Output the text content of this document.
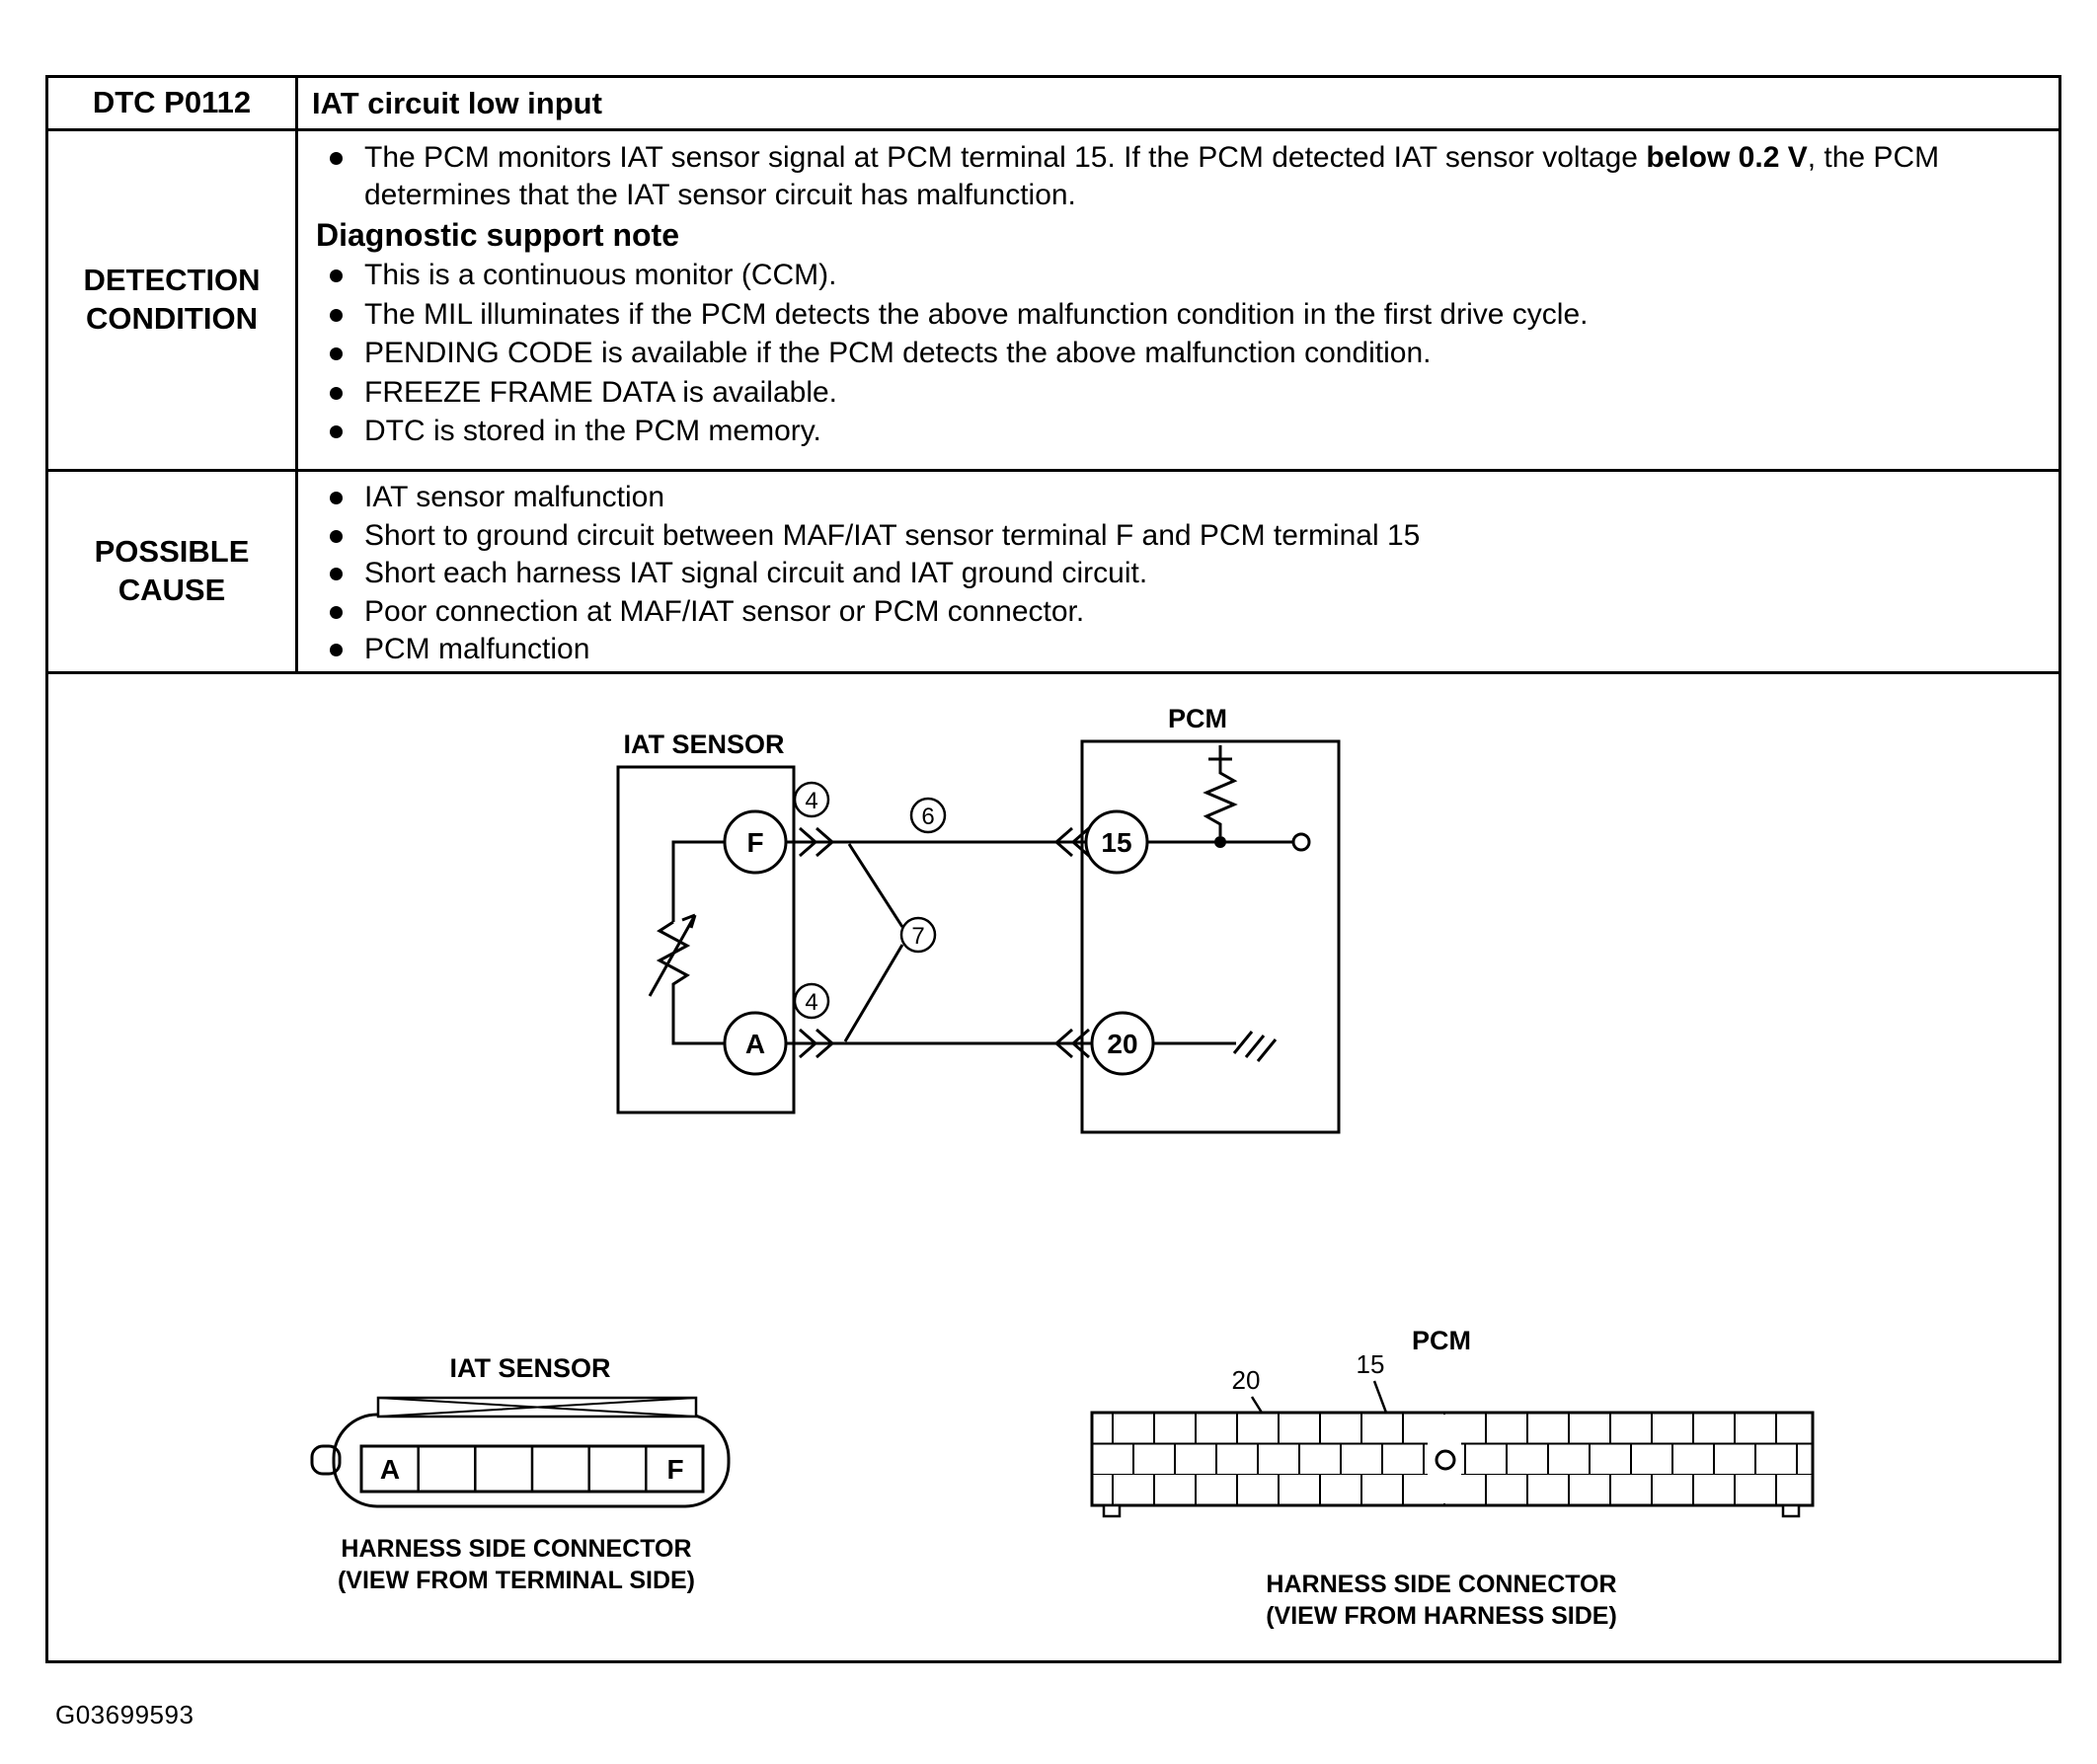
DTC P0112 IAT circuit low input
DETECTION
CONDITION
The PCM monitors IAT sensor signal at PCM terminal 15. If the PCM detected IAT sensor voltage below 0.2 V, the PCM determines that the IAT sensor circuit has malfunction.
Diagnostic support note
This is a continuous monitor (CCM).
The MIL illuminates if the PCM detects the above malfunction condition in the first drive cycle.
PENDING CODE is available if the PCM detects the above malfunction condition.
FREEZE FRAME DATA is available.
DTC is stored in the PCM memory.
POSSIBLE
CAUSE
IAT sensor malfunction
Short to ground circuit between MAF/IAT sensor terminal F and PCM terminal 15
Short each harness IAT signal circuit and IAT ground circuit.
Poor connection at MAF/IAT sensor or PCM connector.
PCM malfunction
IAT SENSOR
F
A
4
6
4
7
PCM
15
20
IAT SENSOR
A	F
HARNESS SIDE CONNECTOR
(VIEW FROM TERMINAL SIDE)
PCM
15
20
HARNESS SIDE CONNECTOR
(VIEW FROM HARNESS SIDE)
G03699593
